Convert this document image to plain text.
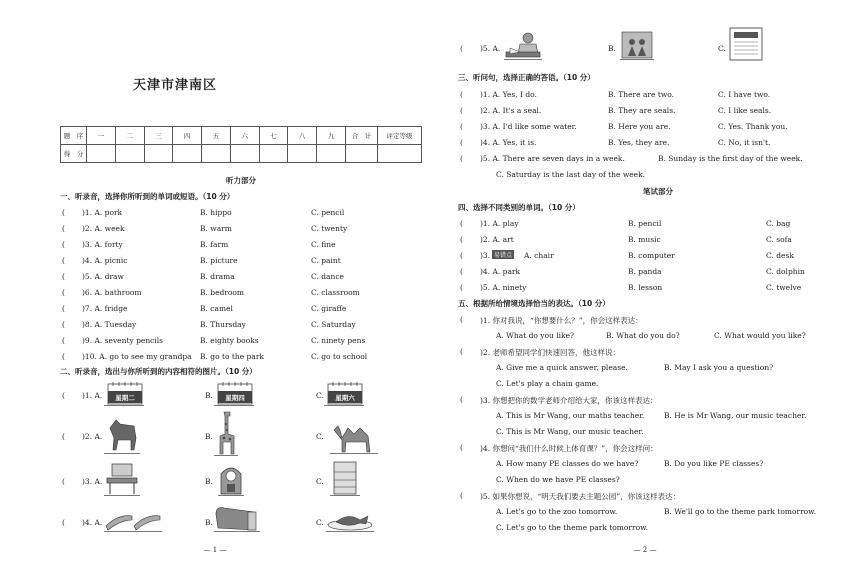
天津市津南区
题　序	一	二	三	四	五	六	七	八	九	合　计	评定等级
得　分											
听力部分
一、听录音，选择你所听到的单词或短语。（10 分）
( )1. A. pork	B. hippo	C. pencil
( )2. A. week	B. warm	C. twenty
( )3. A. forty	B. farm	C. fine
( )4. A. picnic	B. picture	C. paint
( )5. A. draw	B. drama	C. dance
( )6. A. bathroom	B. bedroom	C. classroom
( )7. A. fridge	B. camel	C. giraffe
( )8. A. Tuesday	B. Thursday	C. Saturday
( )9. A. seventy pencils	B. eighty books	C. ninety pens
( )10. A. go to see my grandpa B. go to the park	C. go to school
二、听录音，选出与你所听到的内容相符的图片。（10 分）
( )1. A. 星期二	B. 星期四	C. 星期六
( )2. A.	B.	C.
( )3. A.	B.	C.
( )4. A.	B.	C.
— 1 —
( )5. A.	B.	C.
三、听问句，选择正确的答语。（10 分）
( )1. A. Yes, I do.	B. There are two.	C. I have two.
( )2. A. It's a seal.	B. They are seals.	C. I like seals.
( )3. A. I'd like some water.	B. Here you are.	C. Yes. Thank you.
( )4. A. Yes, it is.	B. Yes, they are.	C. No, it isn't.
( )5. A. There are seven days in a week.	B. Sunday is the first day of the week.
C. Saturday is the last day of the week.
笔试部分
四、选择不同类别的单词。（10 分）
( )1. A. play	B. pencil	C. bag
( )2. A. art	B. music	C. sofa
( )3. 易错点 A. chair	B. computer	C. desk
( )4. A. park	B. panda	C. dolphin
( )5. A. ninety	B. lesson	C. twelve
五、根据所给情境选择恰当的表达。（10 分）
( )1. 你对我说，“你想要什么？”，你会这样表达：
A. What do you like?	B. What do you do?	C. What would you like?
( )2. 老师希望同学们快速回答，他这样说：
A. Give me a quick answer, please.	B. May I ask you a question?
C. Let's play a chain game.
( )3. 你想把你的数学老师介绍给大家，你该这样表达：
A. This is Mr Wang, our maths teacher.	B. He is Mr Wang, our music teacher.
C. This is Mr Wang, our music teacher.
( )4. 你想问“我们什么时候上体育课？”，你会这样问：
A. How many PE classes do we have?	B. Do you like PE classes?
C. When do we have PE classes?
( )5. 如果你想说，“明天我们要去主题公园”，你该这样表达：
A. Let's go to the zoo tomorrow.	B. We'll go to the theme park tomorrow.
C. Let's go to the theme park tomorrow.
— 2 —
